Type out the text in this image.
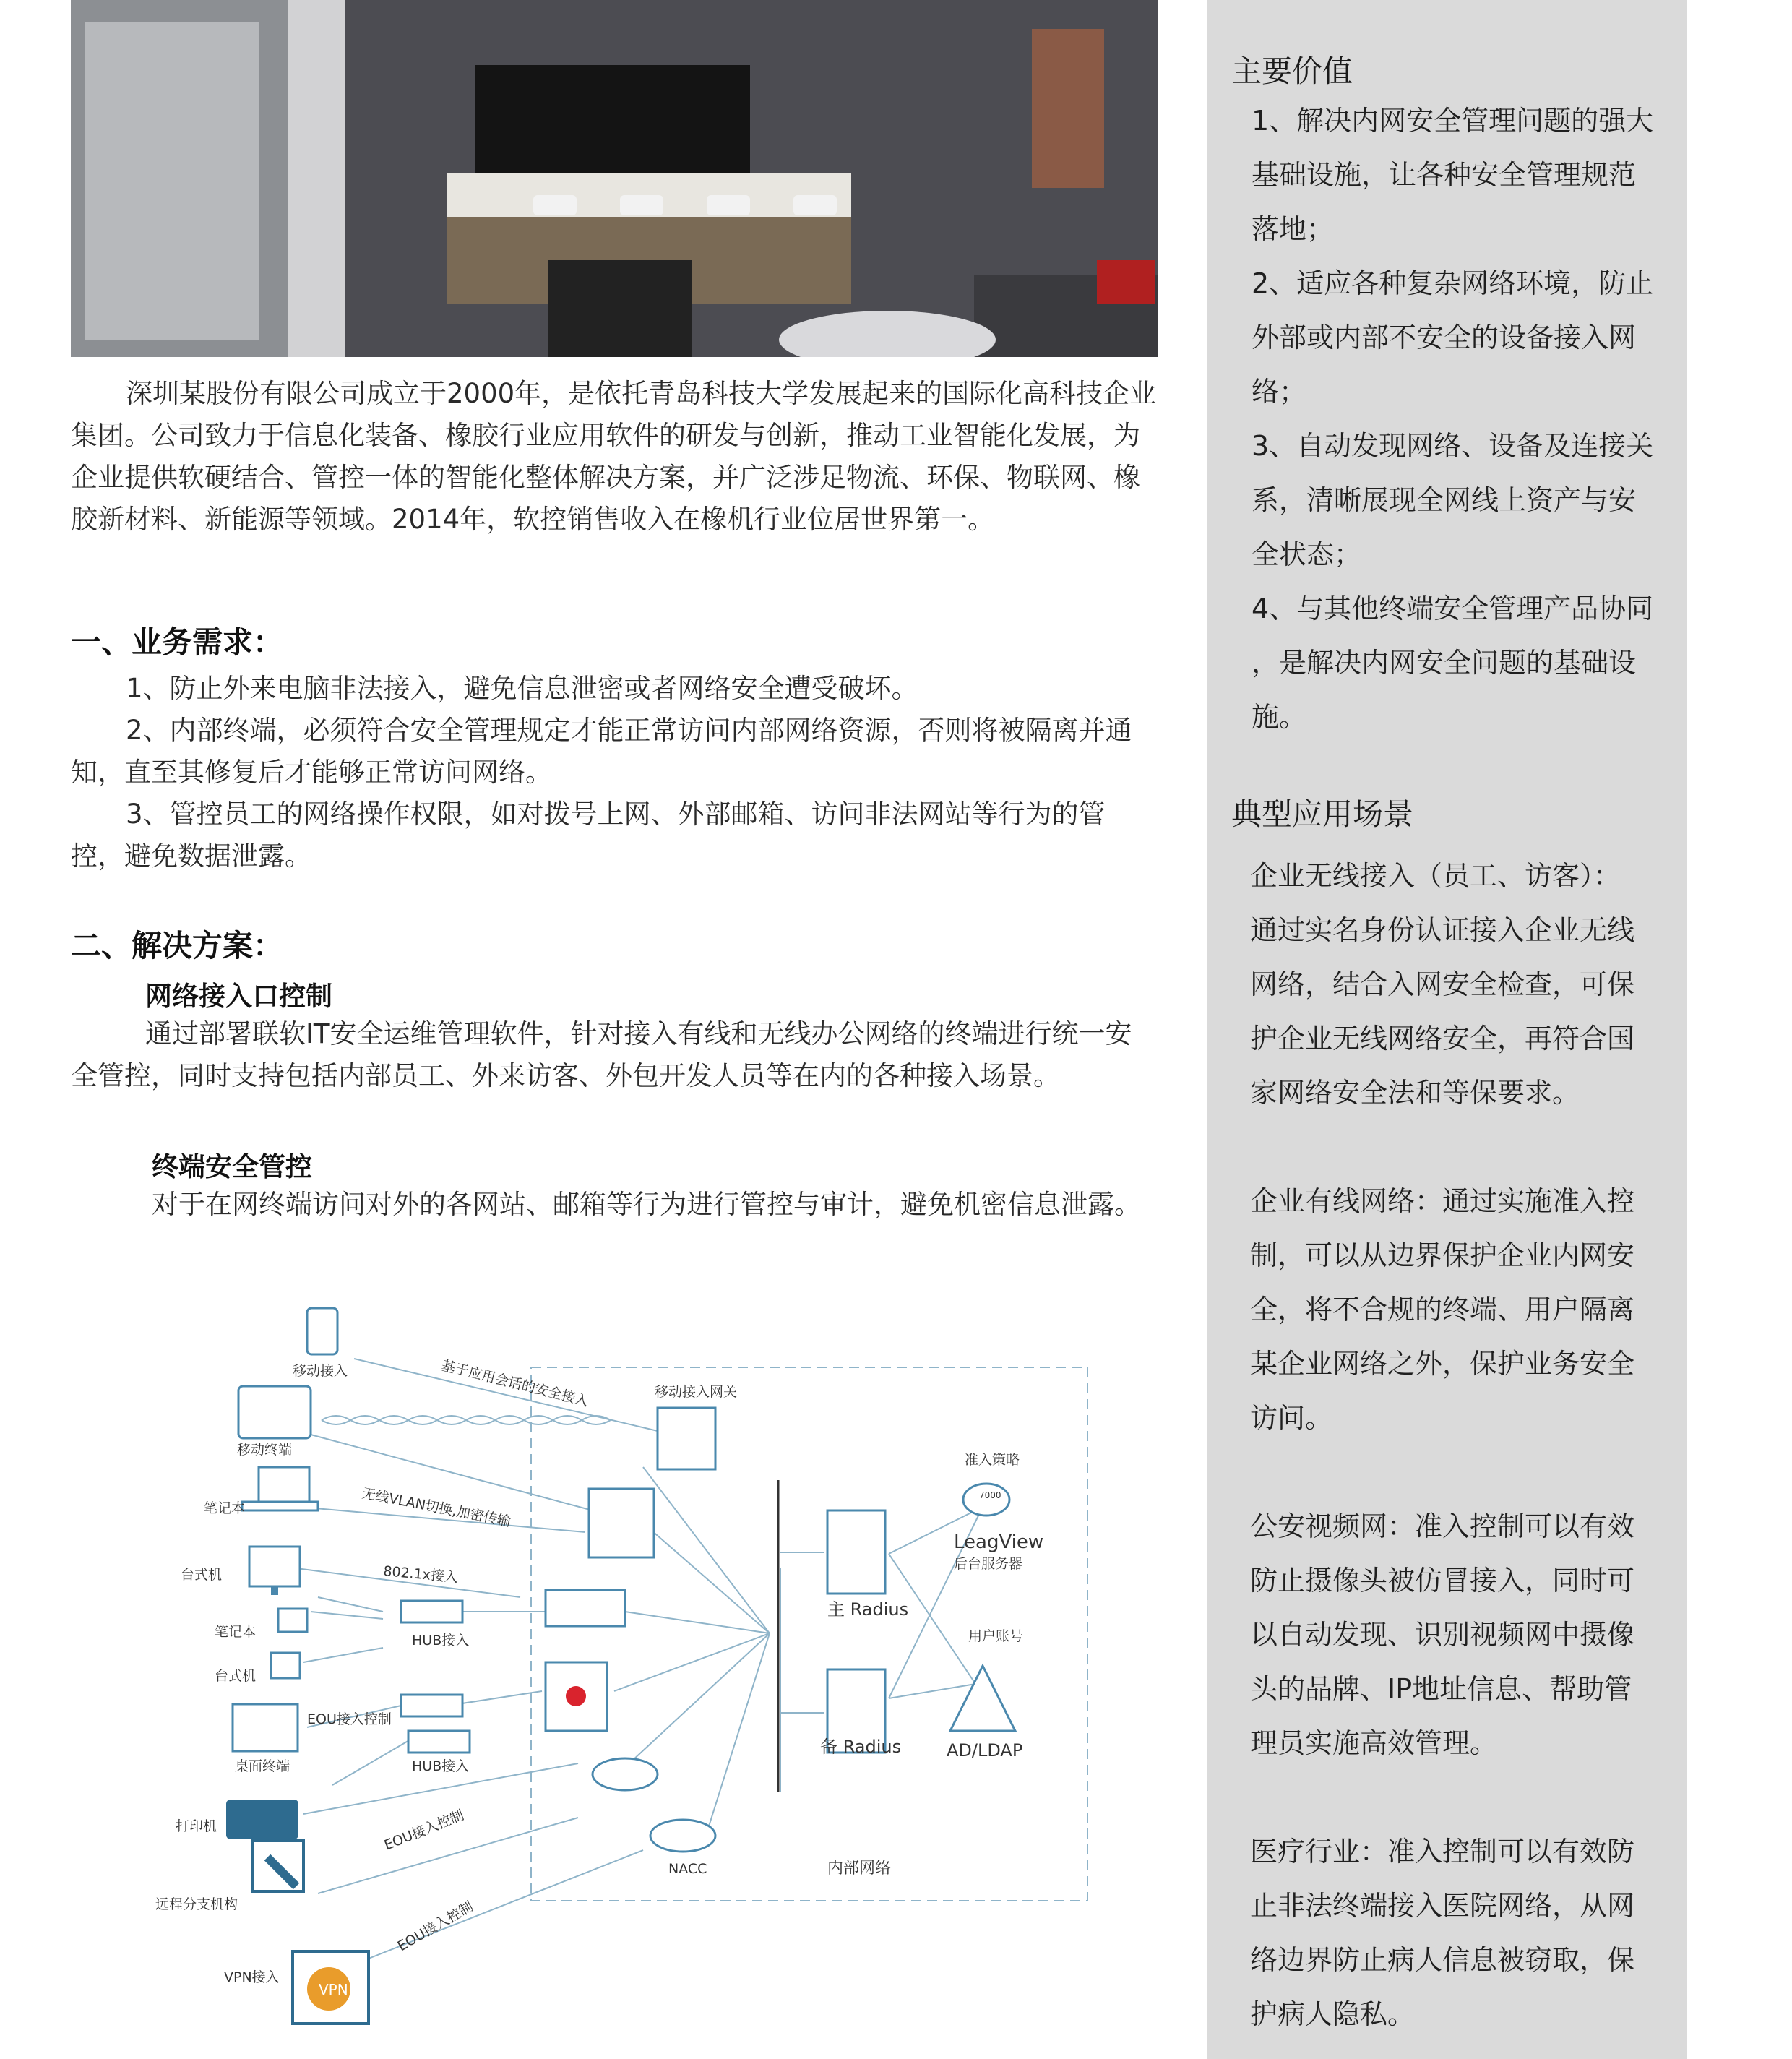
深圳某股份有限公司成立于2000年，是依托青岛科技大学发展起来的国际化高科技企业集团。公司致力于信息化装备、橡胶行业应用软件的研发与创新，推动工业智能化发展，为企业提供软硬结合、管控一体的智能化整体解决方案，并广泛涉足物流、环保、物联网、橡胶新材料、新能源等领域。2014年，软控销售收入在橡机行业位居世界第一。

一、业务需求：

1、防止外来电脑非法接入，避免信息泄密或者网络安全遭受破坏。

2、内部终端，必须符合安全管理规定才能正常访问内部网络资源，否则将被隔离并通知，直至其修复后才能够正常访问网络。

3、管控员工的网络操作权限，如对拨号上网、外部邮箱、访问非法网站等行为的管控，避免数据泄露。

二、解决方案：

网络接入口控制

通过部署联软IT安全运维管理软件，针对接入有线和无线办公网络的终端进行统一安全管控，同时支持包括内部员工、外来访客、外包开发人员等在内的各种接入场景。

终端安全管控

对于在网终端访问对外的各网站、邮箱等行为进行管控与审计，避免机密信息泄露。

移动接入
移动终端
笔记本
台式机
笔记本
台式机
桌面终端
打印机
远程分支机构
VPN接入
VPN
基于应用会话的安全接入
无线VLAN切换,加密传输
802.1x接入
HUB接入
HUB接入
EOU接入控制
EOU接入控制
EOU接入控制
移动接入网关
NACC	内部网络
主 Radius
备 Radius
准入策略
7000
LeagView
后台服务器
用户账号
AD/LDAP

主要价值

1、解决内网安全管理问题的强大

基础设施，让各种安全管理规范

落地；

2、适应各种复杂网络环境，防止

外部或内部不安全的设备接入网

络；

3、自动发现网络、设备及连接关

系，清晰展现全网线上资产与安

全状态；

4、与其他终端安全管理产品协同

，是解决内网安全问题的基础设

施。

典型应用场景

企业无线接入（员工、访客）：

通过实名身份认证接入企业无线

网络，结合入网安全检查，可保

护企业无线网络安全，再符合国

家网络安全法和等保要求。

企业有线网络：通过实施准入控

制，可以从边界保护企业内网安

全，将不合规的终端、用户隔离

某企业网络之外，保护业务安全

访问。

公安视频网：准入控制可以有效

防止摄像头被仿冒接入，同时可

以自动发现、识别视频网中摄像

头的品牌、IP地址信息、帮助管

理员实施高效管理。

医疗行业：准入控制可以有效防

止非法终端接入医院网络，从网

络边界防止病人信息被窃取，保

护病人隐私。
